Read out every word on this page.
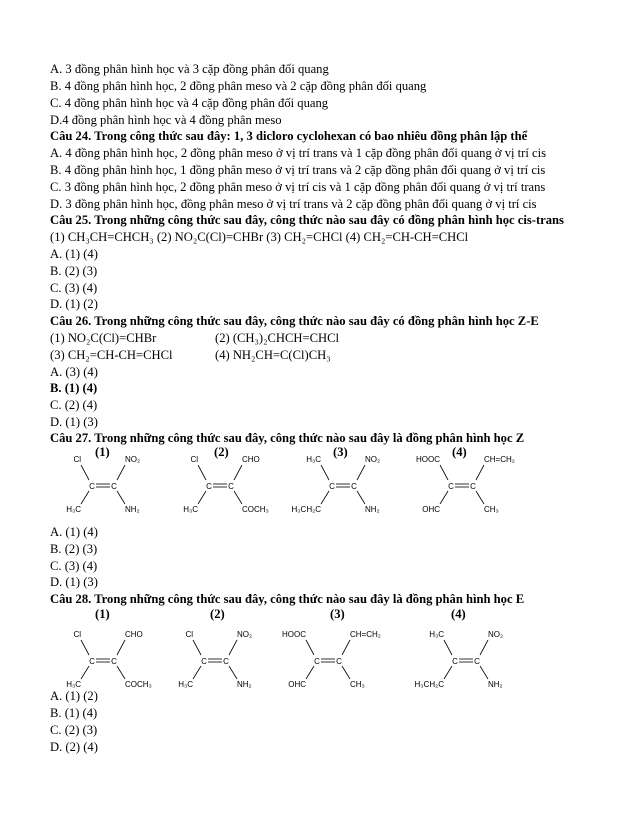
A. 3 đồng phân hình học và 3 cặp đồng phân đối quang
B. 4 đồng phân hình học, 2 đồng phân meso và 2 cặp đồng phân đối quang
C. 4 đồng phân hình học và 4 cặp đồng phân đối quang
D.4 đồng phân hình học và 4 đồng phân meso
Câu 24. Trong công thức sau đây: 1, 3 dicloro cyclohexan có bao nhiêu đồng phân lập thể
A. 4 đồng phân hình học, 2 đồng phân meso ở vị trí trans và 1 cặp đồng phân đối quang ở vị trí cis
B. 4 đồng phân hình học, 1 đồng phân meso ở vị trí trans và 2 cặp đồng phân đối quang ở vị trí cis
C. 3 đồng phân hình học, 2 đồng phân meso ở vị trí cis và 1 cặp đồng phân đối quang ở vị trí trans
D. 3 đồng phân hình học, đồng phân meso ở vị trí trans và 2 cặp đồng phân đối quang ở vị trí cis
Câu 25. Trong những công thức sau đây, công thức nào sau đây có đồng phân hình học cis-trans
(1) CH₃CH=CHCH₃ (2) NO₂C(Cl)=CHBr (3) CH₂=CHCl (4) CH₂=CH-CH=CHCl
A. (1) (4)
B. (2) (3)
C. (3) (4)
D. (1) (2)
Câu 26. Trong những công thức sau đây, công thức nào sau đây có đồng phân hình học Z-E
(1) NO₂C(Cl)=CHBr	(2) (CH₃)₂CHCH=CHCl
(3) CH₂=CH-CH=CHCl	(4) NH₂CH=C(Cl)CH₃
A. (3) (4)
B. (1) (4)
C. (2) (4)
D. (1) (3)
Câu 27. Trong những công thức sau đây, công thức nào sau đây là đồng phân hình học Z
(1)	(2)	(3)	(4)
A. (1) (4)
B. (2) (3)
C. (3) (4)
D. (1) (3)
Câu 28. Trong những công thức sau đây, công thức nào sau đây là đồng phân hình học E
(1)	(2)	(3)	(4)
A. (1) (2)
B. (1) (4)
C. (2) (3)
D. (2) (4)
Cl	NO₂
H₃C	NH₂
C C
Cl	CHO
H₃C	COCH₃
C C
H₃C	NO₂
H₃CH₂C	NH₂
C C
HOOC	CH=CH₂
OHC	CH₃
C C
Cl	CHO
H₃C	COCH₃
C C
Cl	NO₂
H₃C	NH₂
C C
HOOC	CH=CH₂
OHC	CH₃
C C
H₃C	NO₂
H₃CH₂C	NH₂
C C
